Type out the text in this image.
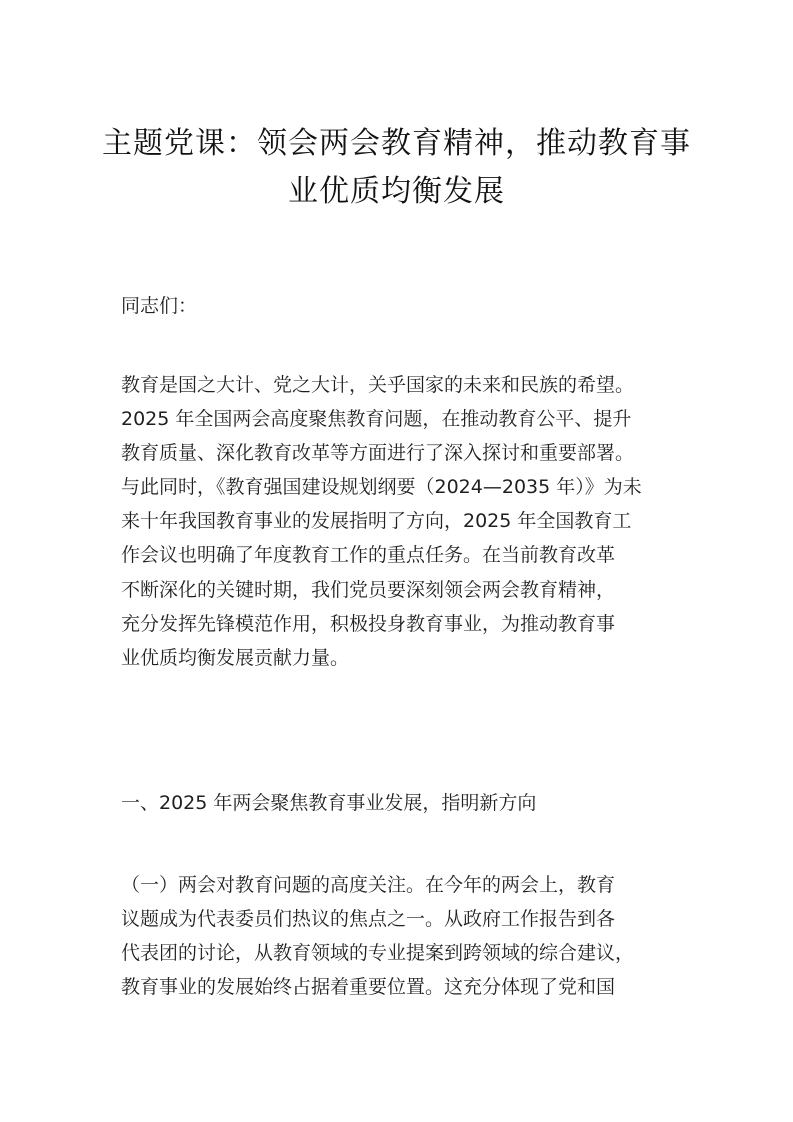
主题党课：领会两会教育精神，推动教育事
业优质均衡发展
同志们：
教育是国之大计、党之大计，关乎国家的未来和民族的希望。
2025 年全国两会高度聚焦教育问题，在推动教育公平、提升
教育质量、深化教育改革等方面进行了深入探讨和重要部署。
与此同时，《教育强国建设规划纲要（2024—2035 年）》为未
来十年我国教育事业的发展指明了方向，2025 年全国教育工
作会议也明确了年度教育工作的重点任务。在当前教育改革
不断深化的关键时期，我们党员要深刻领会两会教育精神，
充分发挥先锋模范作用，积极投身教育事业，为推动教育事
业优质均衡发展贡献力量。
一、2025 年两会聚焦教育事业发展，指明新方向
（一）两会对教育问题的高度关注。在今年的两会上，教育
议题成为代表委员们热议的焦点之一。从政府工作报告到各
代表团的讨论，从教育领域的专业提案到跨领域的综合建议，
教育事业的发展始终占据着重要位置。这充分体现了党和国
